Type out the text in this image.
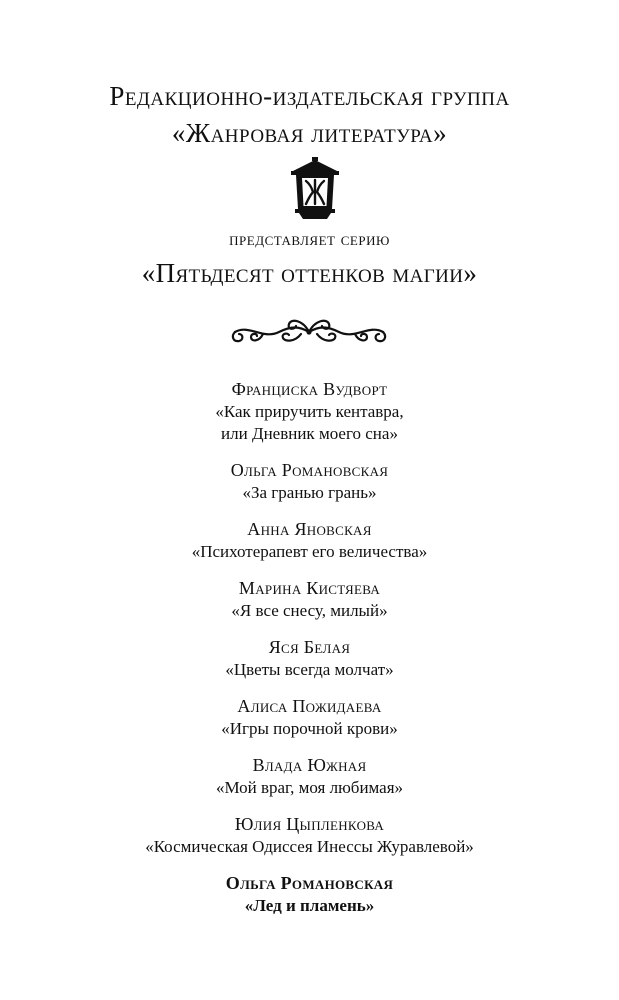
Редакционно-издательская группа
«Жанровая литература»
представляет серию
«Пятьдесят оттенков магии»
Франциска Вудворт
«Как приручить кентавра,
или Дневник моего сна»
Ольга Романовская
«За гранью грань»
Анна Яновская
«Психотерапевт его величества»
Марина Кистяева
«Я все снесу, милый»
Яся Белая
«Цветы всегда молчат»
Алиса Пожидаева
«Игры порочной крови»
Влада Южная
«Мой враг, моя любимая»
Юлия Цыпленкова
«Космическая Одиссея Инессы Журавлевой»
Ольга Романовская
«Лед и пламень»
